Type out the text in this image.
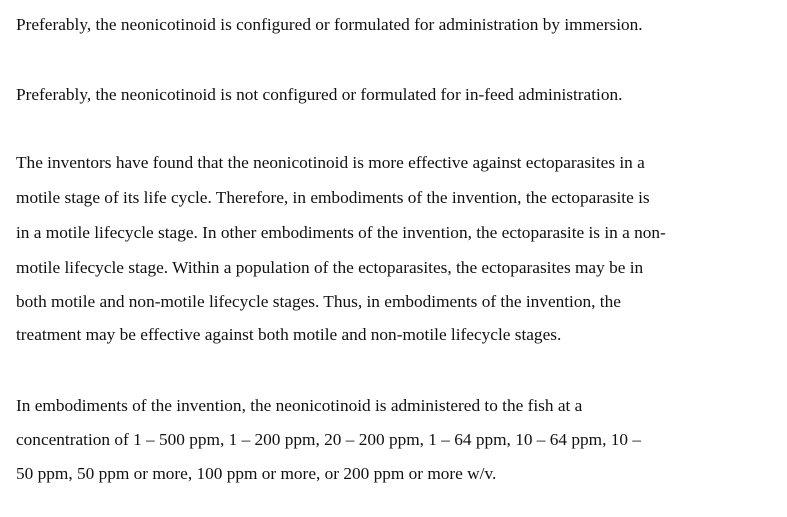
Preferably, the neonicotinoid is configured or formulated for administration by immersion.

Preferably, the neonicotinoid is not configured or formulated for in-feed administration.

The inventors have found that the neonicotinoid is more effective against ectoparasites in a

motile stage of its life cycle. Therefore, in embodiments of the invention, the ectoparasite is

in a motile lifecycle stage. In other embodiments of the invention, the ectoparasite is in a non-

motile lifecycle stage. Within a population of the ectoparasites, the ectoparasites may be in

both motile and non-motile lifecycle stages. Thus, in embodiments of the invention, the

treatment may be effective against both motile and non-motile lifecycle stages.

In embodiments of the invention, the neonicotinoid is administered to the fish at a

concentration of 1 – 500 ppm, 1 – 200 ppm, 20 – 200 ppm, 1 – 64 ppm, 10 – 64 ppm, 10 –

50 ppm, 50 ppm or more, 100 ppm or more, or 200 ppm or more w/v.
